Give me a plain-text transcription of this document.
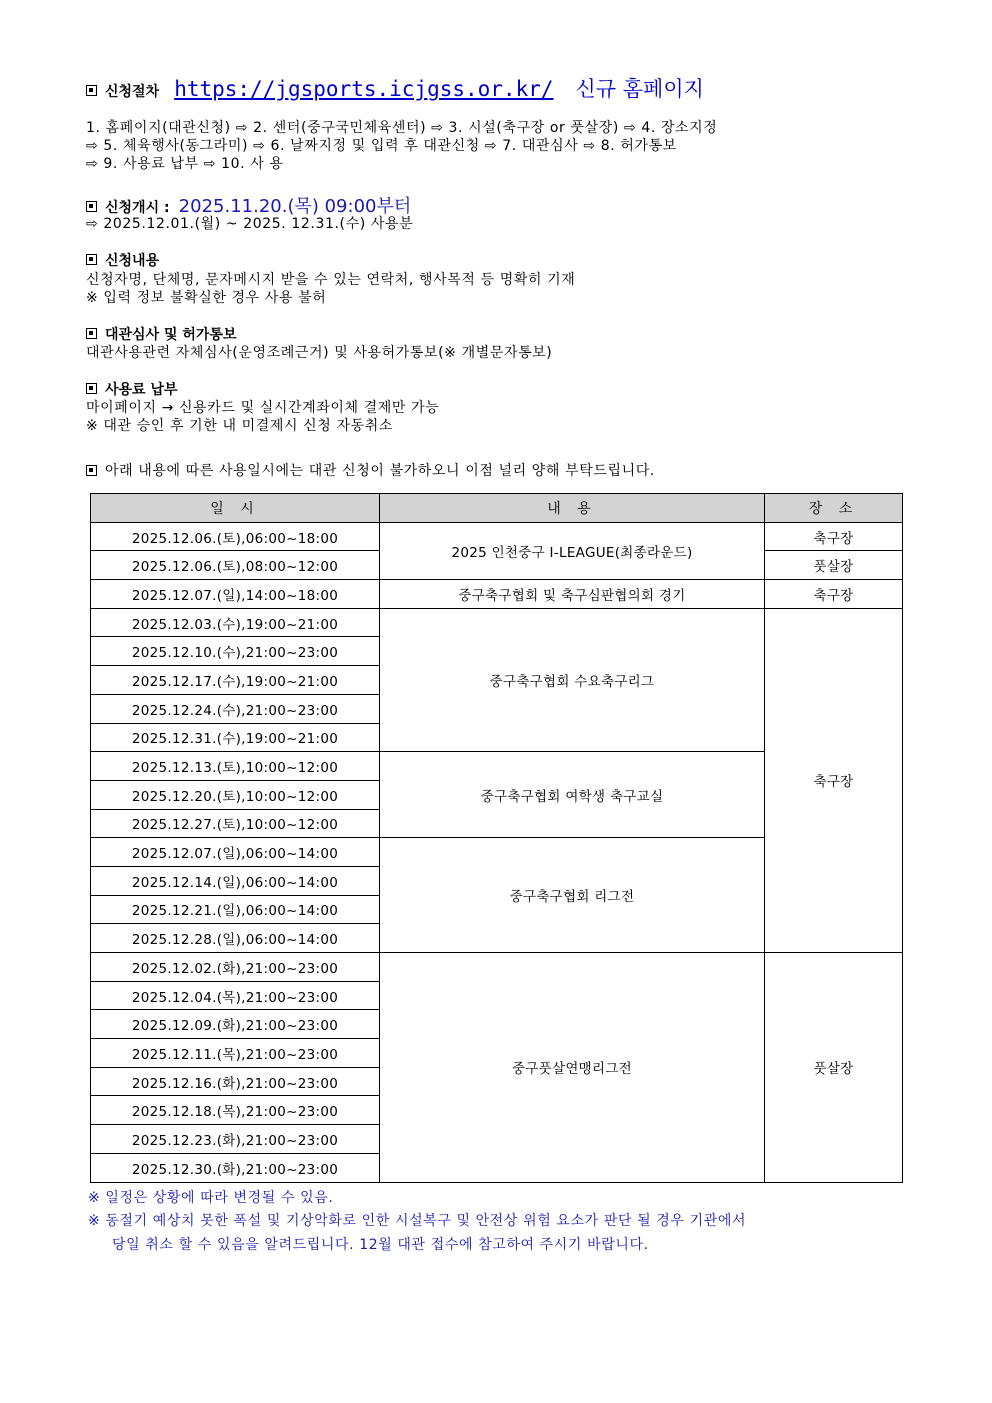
신청절차 https://jgsports.icjgss.or.kr/ 신규 홈페이지
1. 홈페이지(대관신청) ⇨ 2. 센터(중구국민체육센터) ⇨ 3. 시설(축구장 or 풋살장) ⇨ 4. 장소지정
⇨ 5. 체육행사(동그라미) ⇨ 6. 날짜지정 및 입력 후 대관신청 ⇨ 7. 대관심사 ⇨ 8. 허가통보
⇨ 9. 사용료 납부 ⇨ 10. 사 용
신청개시 : 2025.11.20.(목) 09:00부터
⇨ 2025.12.01.(월) ~ 2025. 12.31.(수) 사용분
신청내용
신청자명, 단체명, 문자메시지 받을 수 있는 연락처, 행사목적 등 명확히 기재
※ 입력 정보 불확실한 경우 사용 불허
대관심사 및 허가통보
대관사용관련 자체심사(운영조례근거) 및 사용허가통보(※ 개별문자통보)
사용료 납부
마이페이지 → 신용카드 및 실시간계좌이체 결제만 가능
※ 대관 승인 후 기한 내 미결제시 신청 자동취소
아래 내용에 따른 사용일시에는 대관 신청이 불가하오니 이점 널리 양해 부탁드립니다.
일 시	내 용	장 소
2025.12.06.(토),06:00~18:00	2025 인천중구 I-LEAGUE(최종라운드)	축구장
2025.12.06.(토),08:00~12:00		풋살장
2025.12.07.(일),14:00~18:00	중구축구협회 및 축구심판협의회 경기	축구장
2025.12.03.(수),19:00~21:00	중구축구협회 수요축구리그	축구장
2025.12.10.(수),21:00~23:00		
2025.12.17.(수),19:00~21:00		
2025.12.24.(수),21:00~23:00		
2025.12.31.(수),19:00~21:00		
2025.12.13.(토),10:00~12:00	중구축구협회 여학생 축구교실	
2025.12.20.(토),10:00~12:00		
2025.12.27.(토),10:00~12:00		
2025.12.07.(일),06:00~14:00	중구축구협회 리그전	
2025.12.14.(일),06:00~14:00		
2025.12.21.(일),06:00~14:00		
2025.12.28.(일),06:00~14:00		
2025.12.02.(화),21:00~23:00	중구풋살연맹리그전	풋살장
2025.12.04.(목),21:00~23:00		
2025.12.09.(화),21:00~23:00		
2025.12.11.(목),21:00~23:00		
2025.12.16.(화),21:00~23:00		
2025.12.18.(목),21:00~23:00		
2025.12.23.(화),21:00~23:00		
2025.12.30.(화),21:00~23:00		
※ 일정은 상황에 따라 변경될 수 있음.
※ 동절기 예상치 못한 폭설 및 기상악화로 인한 시설복구 및 안전상 위험 요소가 판단 될 경우 기관에서
당일 취소 할 수 있음을 알려드립니다. 12월 대관 접수에 참고하여 주시기 바랍니다.
